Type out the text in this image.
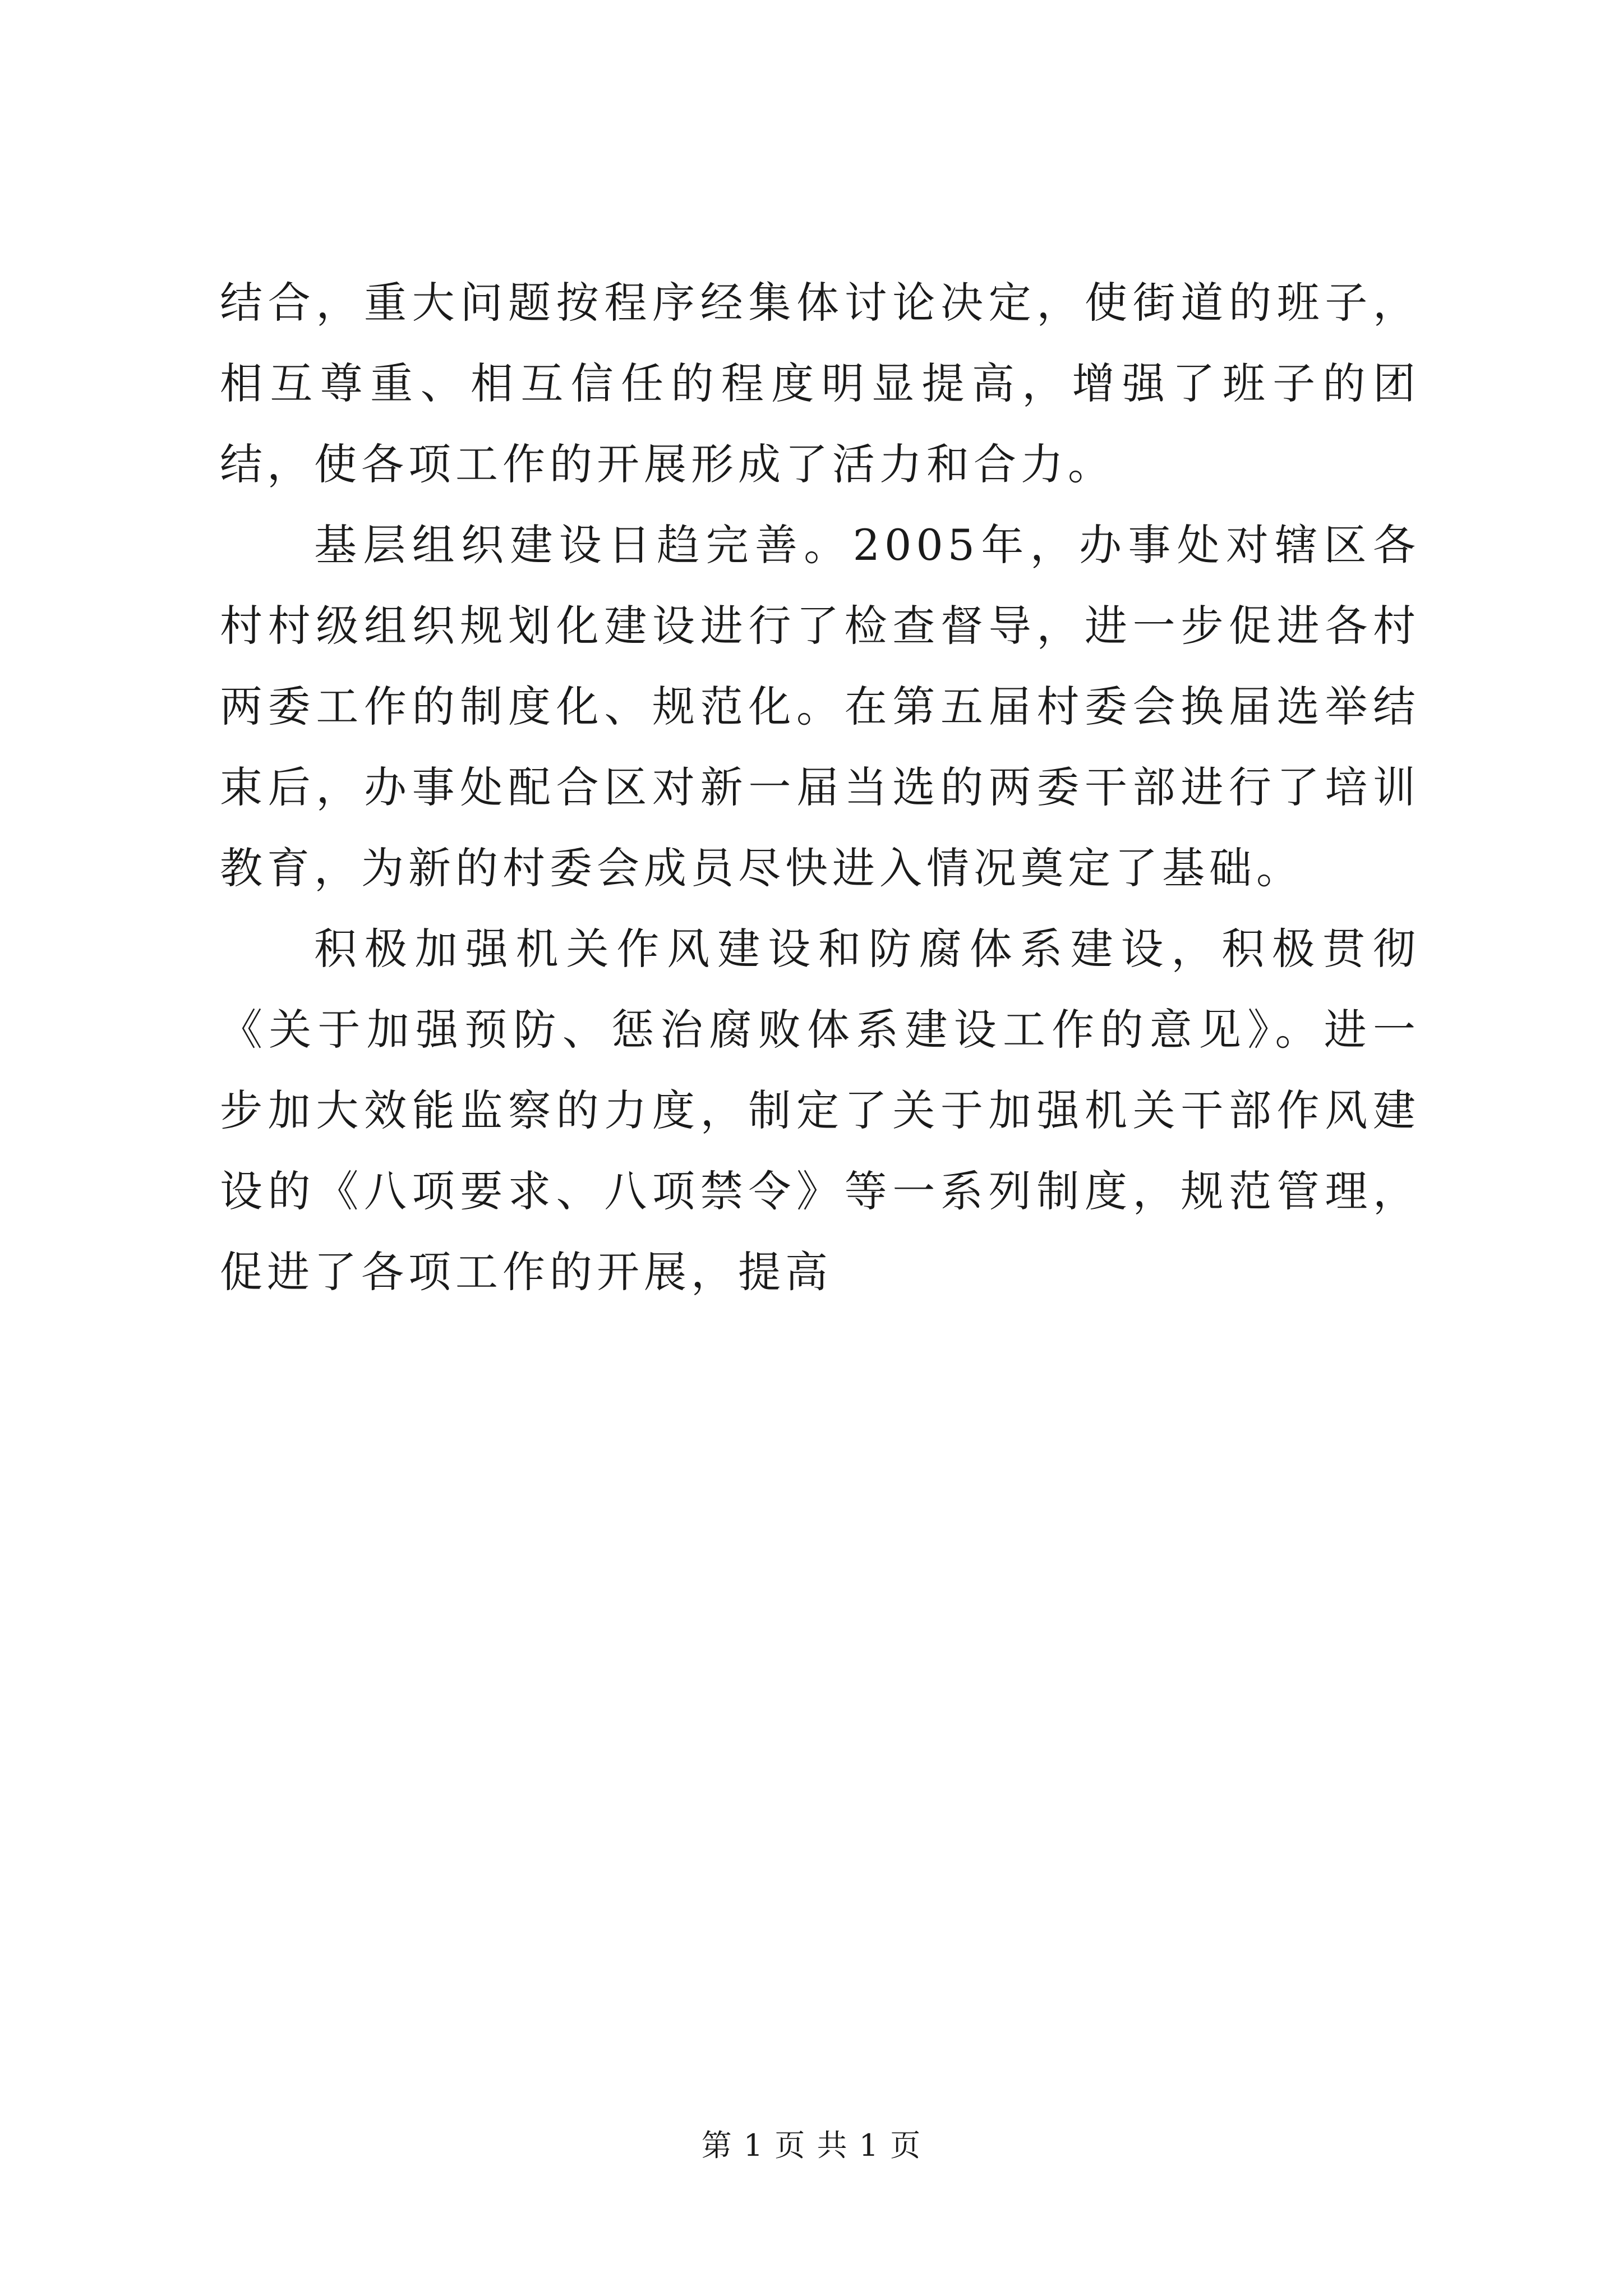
结合，重大问题按程序经集体讨论决定，使街道的班子，相互尊重、相互信任的程度明显提高，增强了班子的团结，使各项工作的开展形成了活力和合力。

基层组织建设日趋完善。2005年，办事处对辖区各村村级组织规划化建设进行了检查督导，进一步促进各村两委工作的制度化、规范化。在第五届村委会换届选举结束后，办事处配合区对新一届当选的两委干部进行了培训教育，为新的村委会成员尽快进入情况奠定了基础。

积极加强机关作风建设和防腐体系建设，积极贯彻《关于加强预防、惩治腐败体系建设工作的意见》。进一步加大效能监察的力度，制定了关于加强机关干部作风建设的《八项要求、八项禁令》等一系列制度，规范管理，促进了各项工作的开展，提高

第 1 页 共 1 页
